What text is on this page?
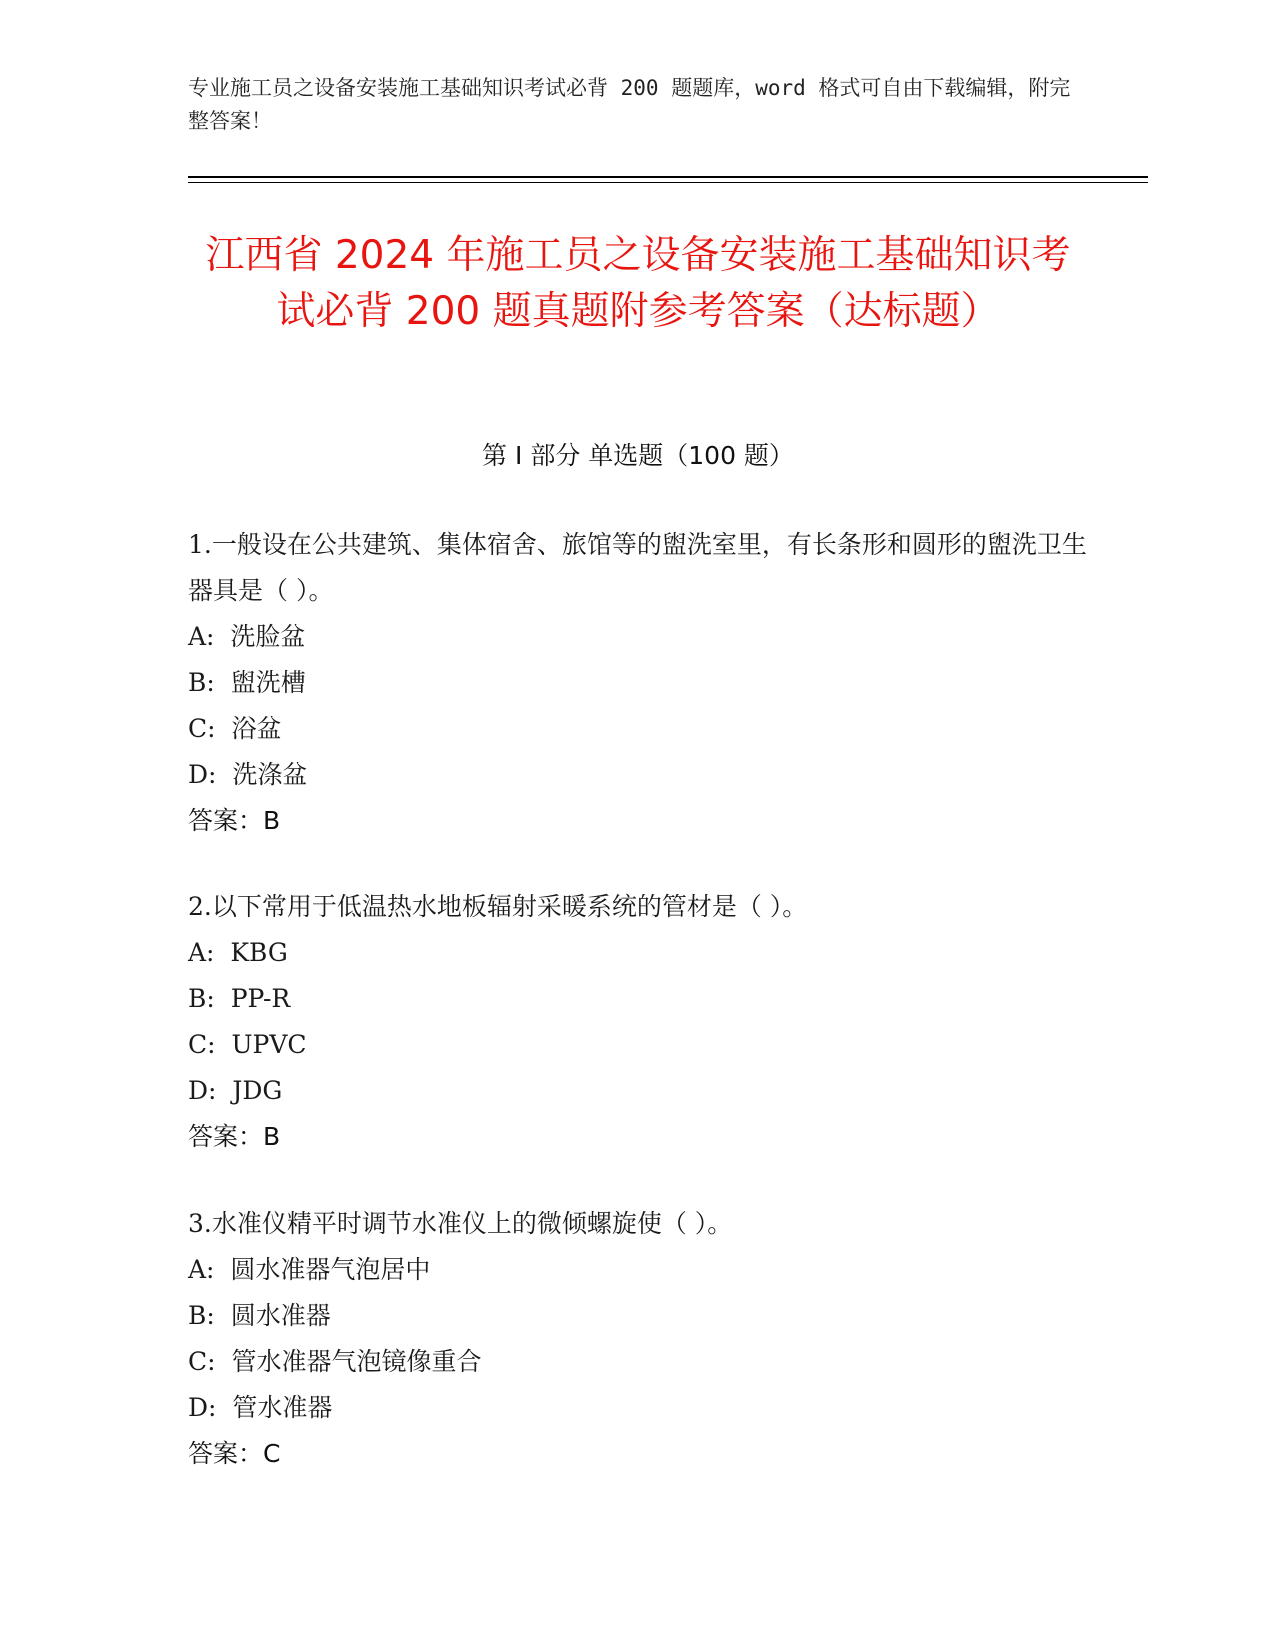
专业施工员之设备安装施工基础知识考试必背 200 题题库，word 格式可自由下载编辑，附完整答案！
江西省 2024 年施工员之设备安装施工基础知识考试必背 200 题真题附参考答案（达标题）
第 I 部分 单选题（100 题）

1.一般设在公共建筑、集体宿舍、旅馆等的盥洗室里，有长条形和圆形的盥洗卫生器具是（ ）。

A:  洗脸盆

B:  盥洗槽

C:  浴盆

D:  洗涤盆

答案：B

2.以下常用于低温热水地板辐射采暖系统的管材是（ ）。

A:  KBG

B:  PP-R

C:  UPVC

D:  JDG

答案：B

3.水准仪精平时调节水准仪上的微倾螺旋使（ ）。

A:  圆水准器气泡居中

B:  圆水准器

C:  管水准器气泡镜像重合

D:  管水准器

答案：C
